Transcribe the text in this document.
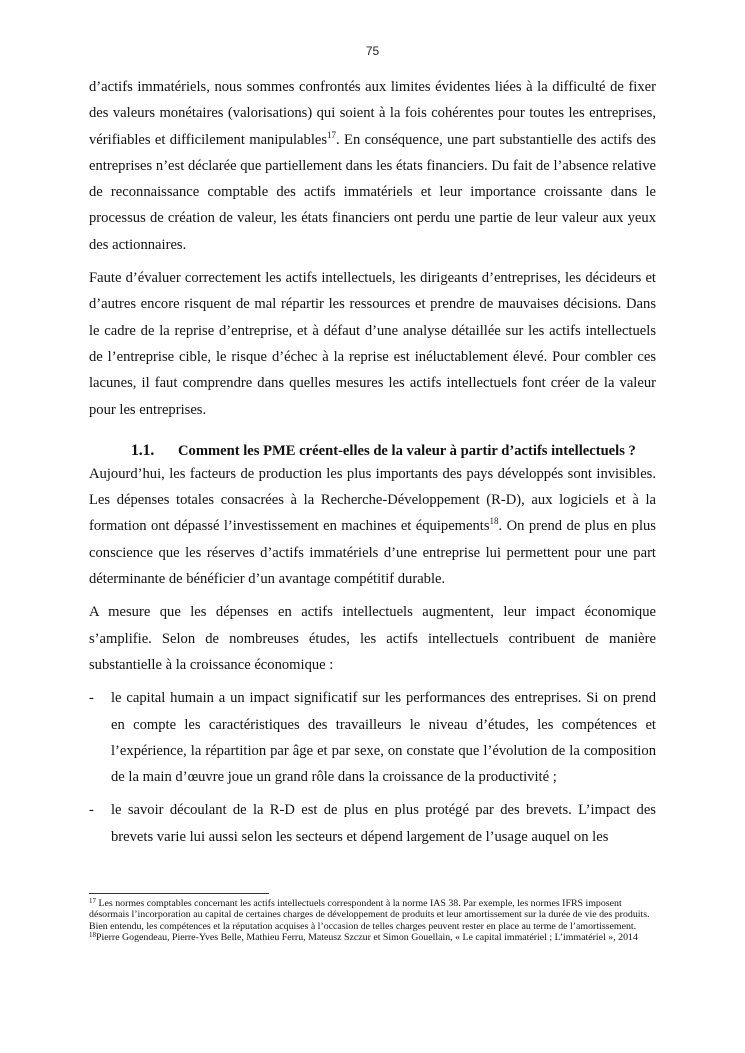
75

d’actifs immatériels, nous sommes confrontés aux limites évidentes liées à la difficulté de fixer des valeurs monétaires (valorisations) qui soient à la fois cohérentes pour toutes les entreprises, vérifiables et difficilement manipulables$^{17}$. En conséquence, une part substantielle des actifs des entreprises n’est déclarée que partiellement dans les états financiers. Du fait de l’absence relative de reconnaissance comptable des actifs immatériels et leur importance croissante dans le processus de création de valeur, les états financiers ont perdu une partie de leur valeur aux yeux des actionnaires.

Faute d’évaluer correctement les actifs intellectuels, les dirigeants d’entreprises, les décideurs et d’autres encore risquent de mal répartir les ressources et prendre de mauvaises décisions. Dans le cadre de la reprise d’entreprise, et à défaut d’une analyse détaillée sur les actifs intellectuels de l’entreprise cible, le risque d’échec à la reprise est inéluctablement élevé. Pour combler ces lacunes, il faut comprendre dans quelles mesures les actifs intellectuels font créer de la valeur pour les entreprises.

1.1. Comment les PME créent-elles de la valeur à partir d’actifs intellectuels ?

Aujourd’hui, les facteurs de production les plus importants des pays développés sont invisibles. Les dépenses totales consacrées à la Recherche-Développement (R-D), aux logiciels et à la formation ont dépassé l’investissement en machines et équipements$^{18}$. On prend de plus en plus conscience que les réserves d’actifs immatériels d’une entreprise lui permettent pour une part déterminante de bénéficier d’un avantage compétitif durable.

A mesure que les dépenses en actifs intellectuels augmentent, leur impact économique s’amplifie. Selon de nombreuses études, les actifs intellectuels contribuent de manière substantielle à la croissance économique :

- le capital humain a un impact significatif sur les performances des entreprises. Si on prend en compte les caractéristiques des travailleurs le niveau d’études, les compétences et l’expérience, la répartition par âge et par sexe, on constate que l’évolution de la composition de la main d’œuvre joue un grand rôle dans la croissance de la productivité ;
- le savoir découlant de la R-D est de plus en plus protégé par des brevets. L’impact des brevets varie lui aussi selon les secteurs et dépend largement de l’usage auquel on les

$^{17}$ Les normes comptables concernant les actifs intellectuels correspondent à la norme IAS 38. Par exemple, les normes IFRS imposent désormais l’incorporation au capital de certaines charges de développement de produits et leur amortissement sur la durée de vie des produits. Bien entendu, les compétences et la réputation acquises à l’occasion de telles charges peuvent rester en place au terme de l’amortissement.

$^{18}$Pierre Gogendeau, Pierre-Yves Belle, Mathieu Ferru, Mateusz Szczur et Simon Gouellain, « Le capital immatériel ; L’immatériel », 2014
